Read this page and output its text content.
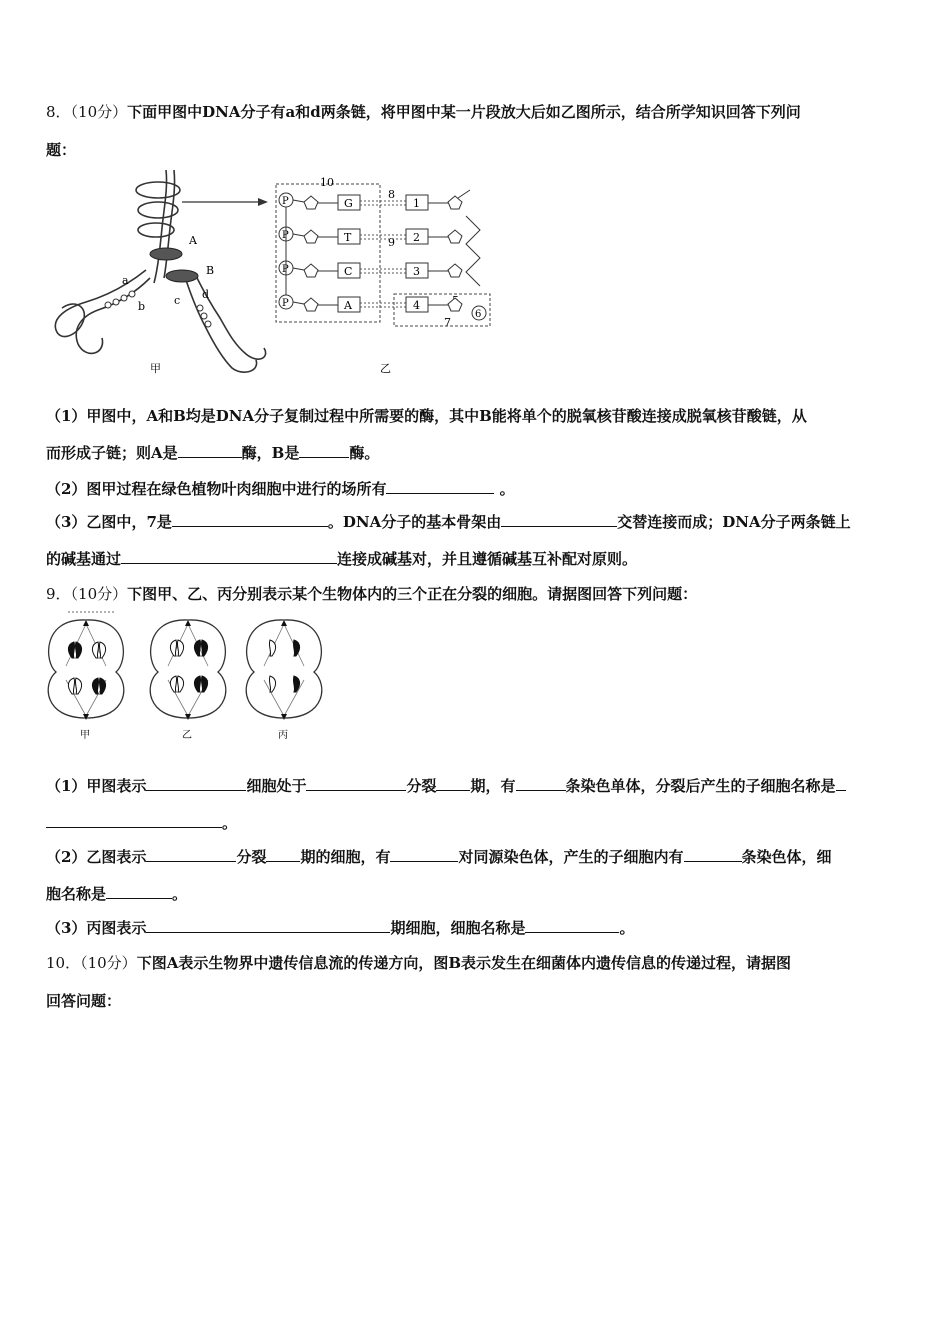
8．（10分）下面甲图中DNA分子有a和d两条链，将甲图中某一片段放大后如乙图所示，结合所学知识回答下列问
题：
A
B
a
b	c d
甲
10
8
9
7
P	G	1
P	T	2
P	C	3
P	A	4
6
乙
（1）甲图中，A和B均是DNA分子复制过程中所需要的酶，其中B能将单个的脱氧核苷酸连接成脱氧核苷酸链，从
而形成子链；则A是	酶，B是	酶。
（2）图甲过程在绿色植物叶肉细胞中进行的场所有	。
（3）乙图中，7是	。DNA分子的基本骨架由	交替连接而成；DNA分子两条链上
的碱基通过	连接成碱基对，并且遵循碱基互补配对原则。
9．（10分）下图甲、乙、丙分别表示某个生物体内的三个正在分裂的细胞。请据图回答下列问题：
甲	乙	丙
（1）甲图表示	细胞处于	分裂 期，有	条染色单体，分裂后产生的子细胞名称是
。
（2）乙图表示	分裂 期的细胞，有	对同源染色体，产生的子细胞内有	条染色体，细
胞名称是	。
（3）丙图表示	期细胞，细胞名称是	。
10．（10分）下图A表示生物界中遗传信息流的传递方向，图B表示发生在细菌体内遗传信息的传递过程，请据图
回答问题：
